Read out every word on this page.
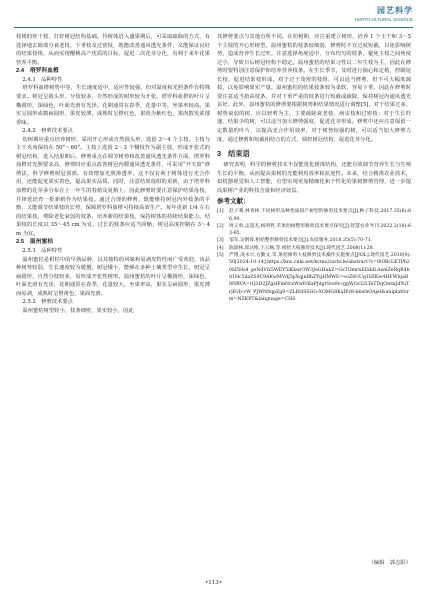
园艺科学
HORTICULTURAL SCIENCE

枝树的骨干枝，打好树冠结构基础。待树体进入盛果期后，可采取疏除的方式，有选择地去除部分衰老枝、下垂枝及过密枝，既能改善通风透光条件，又能保证良好的结果枝组，从而实现樱桃高产优质的目标，促进二次花芽分化，有利于来年花果营养平衡。

2.4　塔罗科血橙

2.4.1　品种特性

塔罗科血橙树势中等，生长速度适中，适应性较强，但对温度和光照条件有特殊要求。树冠呈圆头形，分枝较多，自然形成的树形较为开张。塔罗科血橙的叶片呈椭圆形，深绿色，叶面光滑有光泽。花期通常在春季，花量中等，坐果率较高。果实呈圆形或微扁圆形，果皮较薄，成熟时呈橙红色，果肉为紫红色，果肉散发浓郁香味。

2.4.2　修剪技术要点

幼树期应重点培养树形，采用开心形或自然圆头形，选留 3～4 个主枝，主枝与主干夹角保持在 50°～60°。主枝上选留 2～3 个侧枝作为副主枝，形成开张式的树冠结构，进入结果期后，修剪重点在调节树势和改善通风透光条件方面，塔罗科血橙对光照要求高，修剪时应重点改善树冠内膛通风透光条件，可采用“开天窗”修剪法，科学修剪树冠顶部，有效增加光照渗透率。这不仅有利于树体进行光合作用，还能促进果实着色，提高果实品质。同时，注意结果枝组的更新，由于塔罗科血橙的花芽多分布在上一年生的春梢及夏梢上，因此修剪时要注意保护结果母枝，并择优培育一批新梢作为结果枝。通过合理的修剪，既能维持树冠内外枝条的平衡，又能调节结果枝的长势，保障塔罗科血橙可持续高效生产。每年更新 1/4 左右的结果枝，剪除老化衰弱的枝条，培养新的结果枝，保持树体的持续结果能力。结果枝的长度以 35～45 cm 为宜，过长的枝条应适当回缩，树冠高度控制在 3～4 m 为宜。

2.5　温州蜜桔

2.5.1　品种特性

温州蜜桔是柑桔中的早熟品种，以其独特的风味和易剥皮特性而广受欢迎，该品种树势较弱，生长速度较为缓慢，树冠矮小，能够在多种土壤类型中生长，树冠呈扁圆形，自然分枝较多，易形成开张性树形。温州蜜桔的叶片呈椭圆形，深绿色，叶面光滑有光泽，花期通常在春季，花量较大，坐果率高，果实呈扁圆形，果皮薄而易剥，成熟时呈橙黄色，果面光滑。

2.5.2　修剪技术要点

温州蜜桔树型较小，枝条细密，果实较小，因此

其修剪要点与其他有所不同。在幼树期，应注重建立树形，培养 1 个主干和 3～5 个主枝的开心形树型。温州蜜桔的枝条较细弱，修剪时不宜过度短截，以免影响树势，造成营养生长过旺。注意选择角度适中、分布均匀的枝条，避免主枝之间角度过小，导致日后树冠结构不稳定。温州蜜桔的结果习性以二年生枝为主，因此在修剪时要特别注意保护和培养营养枝条。在生长季节，及时进行摘心和定梢，控制徒长枝，促进结果枝形成，对于过于茂密的枝组，可以适当修剪，但不可大幅度疏枝，以免影响果实产量。温州蜜桔的结果枝条较为柔软，容易下垂，因此在修剪时要注意适当抬高枝条，并对下垂严重的枝条进行短截或疏除，保持树冠内通风透光良好。此外，温州蜜桔的修剪要根据树势和结果情况进行调整[5]，对于结果过多、树势衰弱的树，应以轻剪为主，主要疏除衰老枝、病虫枝和过密枝；对于生长旺盛、结果少的树，可以适当加大修剪强度，促进花芽形成。修剪中还应注意保留一定数量的叶片，以提高光合作用效率，对于树势较强的树，可以适当加大修剪力度，通过修剪和短截相结合的方式，调控树冠结构，促进花芽分化。

3　结束语

研究表明，科学的修剪技术不仅能优化树体结构，还能有效调节营养生长与生殖生长的平衡，从而提高果树的光能利用效率和抗逆性。未来，结合精准农业技术，如机器视觉和人工智能，有望实现更加精细化和个性化的果树修剪管理，进一步提高果树产业的科技含量和经济效益。

参考文献：
[1]	赵子骞,林青林.不同树形品种优质稳产树型的修剪技术要点[J].种子科技,2017,35(6):86,90.
[2]	周义勇,孟超杰,杨明哲.苹果幼树整形修剪技术要点探究[J].智慧农业导刊,2022,2(18):63-65.
[3]	邹军,吴钢锋.柑桔整形修剪技术要点[J].农技服务,2018,35(5):70-71.
[4]	陈锦林,邱达维,王云枫,等.柑桔大枝修剪技术[J].现代园艺,2008(1):28.
[5]	严翔,凌永兴,方勤文,等.果桔修剪大枝修剪技术操作实施要点[J/OL].现代园艺,2010(9):50[2024-10-14].https://kns.cnki.net/kcms2/article/abstract?v=8t0BcLKTPh20H5Hs4_gsNdVlx5WEY5iKkwr3W3JeGHakZ=GzTOmrnEEddLAxeiZeRqR4h81Hc5dzZS9C9AKwMVdj5pXqjnBhZYgHMWE=ooZ6GUq1HIKw4HFWbjaB8NRVA=tQ3D2JZgslFmNrxWwPdIaPJdgrSrs9ccggWOcI2LTeTDqQwmJdYuTrjEvb-vW_PJWN8qpZg0=ZLRHSSGG-XOMG8KxIPz8-hkwhOAjel&uniplatform=NZKPT&language=CHS.
（编辑　郭志阳）
•113•
